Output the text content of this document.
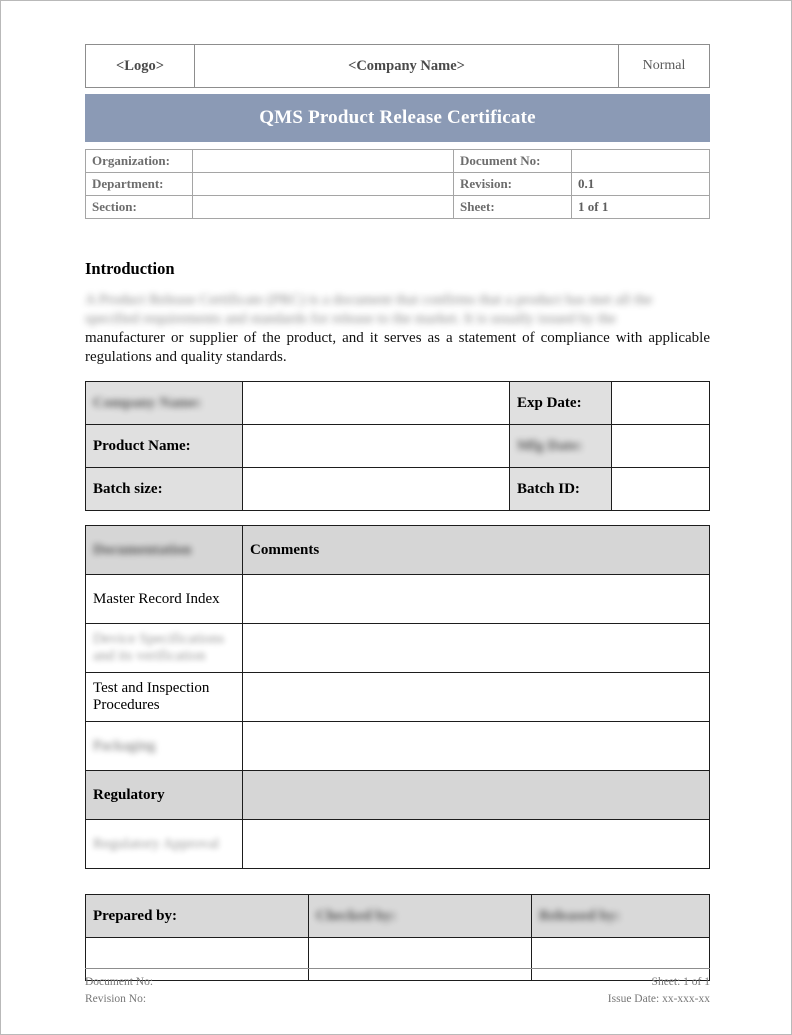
<Logo>	<Company Name>	Normal
QMS Product Release Certificate
Organization:		Document No:	
Department:		Revision:	0.1
Section:		Sheet:	1 of 1
Introduction

A Product Release Certificate (PRC) is a document that confirms that a product has met all the

specified requirements and standards for release to the market. It is usually issued by the

manufacturer or supplier of the product, and it serves as a statement of compliance with applicable regulations and quality standards.

Company Name:		Exp Date:	
Product Name:		Mfg Date:	
Batch size:		Batch ID:	
Documentation	Comments
Master Record Index	
Device Specifications and its verification	
Test and Inspection Procedures	
Packaging	
Regulatory	
Regulatory Approval	
Prepared by:	Checked by:	Released by:

Document No:
Revision No:
Sheet: 1 of 1
Issue Date: xx-xxx-xx
